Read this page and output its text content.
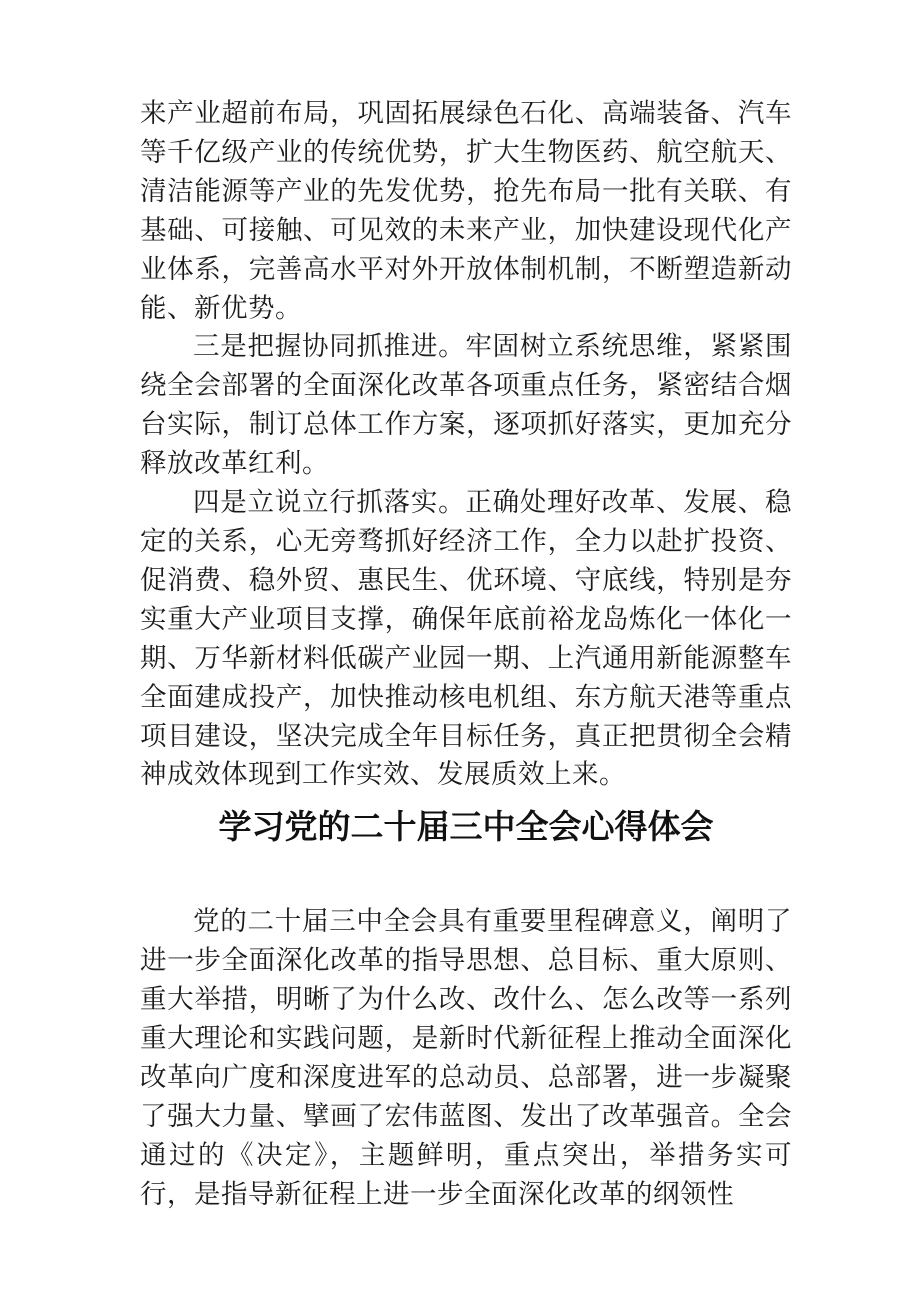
来产业超前布局，巩固拓展绿色石化、高端装备、汽车等千亿级产业的传统优势，扩大生物医药、航空航天、清洁能源等产业的先发优势，抢先布局一批有关联、有基础、可接触、可见效的未来产业，加快建设现代化产业体系，完善高水平对外开放体制机制，不断塑造新动能、新优势。

三是把握协同抓推进。牢固树立系统思维，紧紧围绕全会部署的全面深化改革各项重点任务，紧密结合烟台实际，制订总体工作方案，逐项抓好落实，更加充分释放改革红利。

四是立说立行抓落实。正确处理好改革、发展、稳定的关系，心无旁骛抓好经济工作，全力以赴扩投资、促消费、稳外贸、惠民生、优环境、守底线，特别是夯实重大产业项目支撑，确保年底前裕龙岛炼化一体化一期、万华新材料低碳产业园一期、上汽通用新能源整车全面建成投产，加快推动核电机组、东方航天港等重点项目建设，坚决完成全年目标任务，真正把贯彻全会精神成效体现到工作实效、发展质效上来。

学习党的二十届三中全会心得体会

党的二十届三中全会具有重要里程碑意义，阐明了进一步全面深化改革的指导思想、总目标、重大原则、重大举措，明晰了为什么改、改什么、怎么改等一系列重大理论和实践问题，是新时代新征程上推动全面深化改革向广度和深度进军的总动员、总部署，进一步凝聚了强大力量、擘画了宏伟蓝图、发出了改革强音。全会通过的《决定》，主题鲜明，重点突出，举措务实可行，是指导新征程上进一步全面深化改革的纲领性
